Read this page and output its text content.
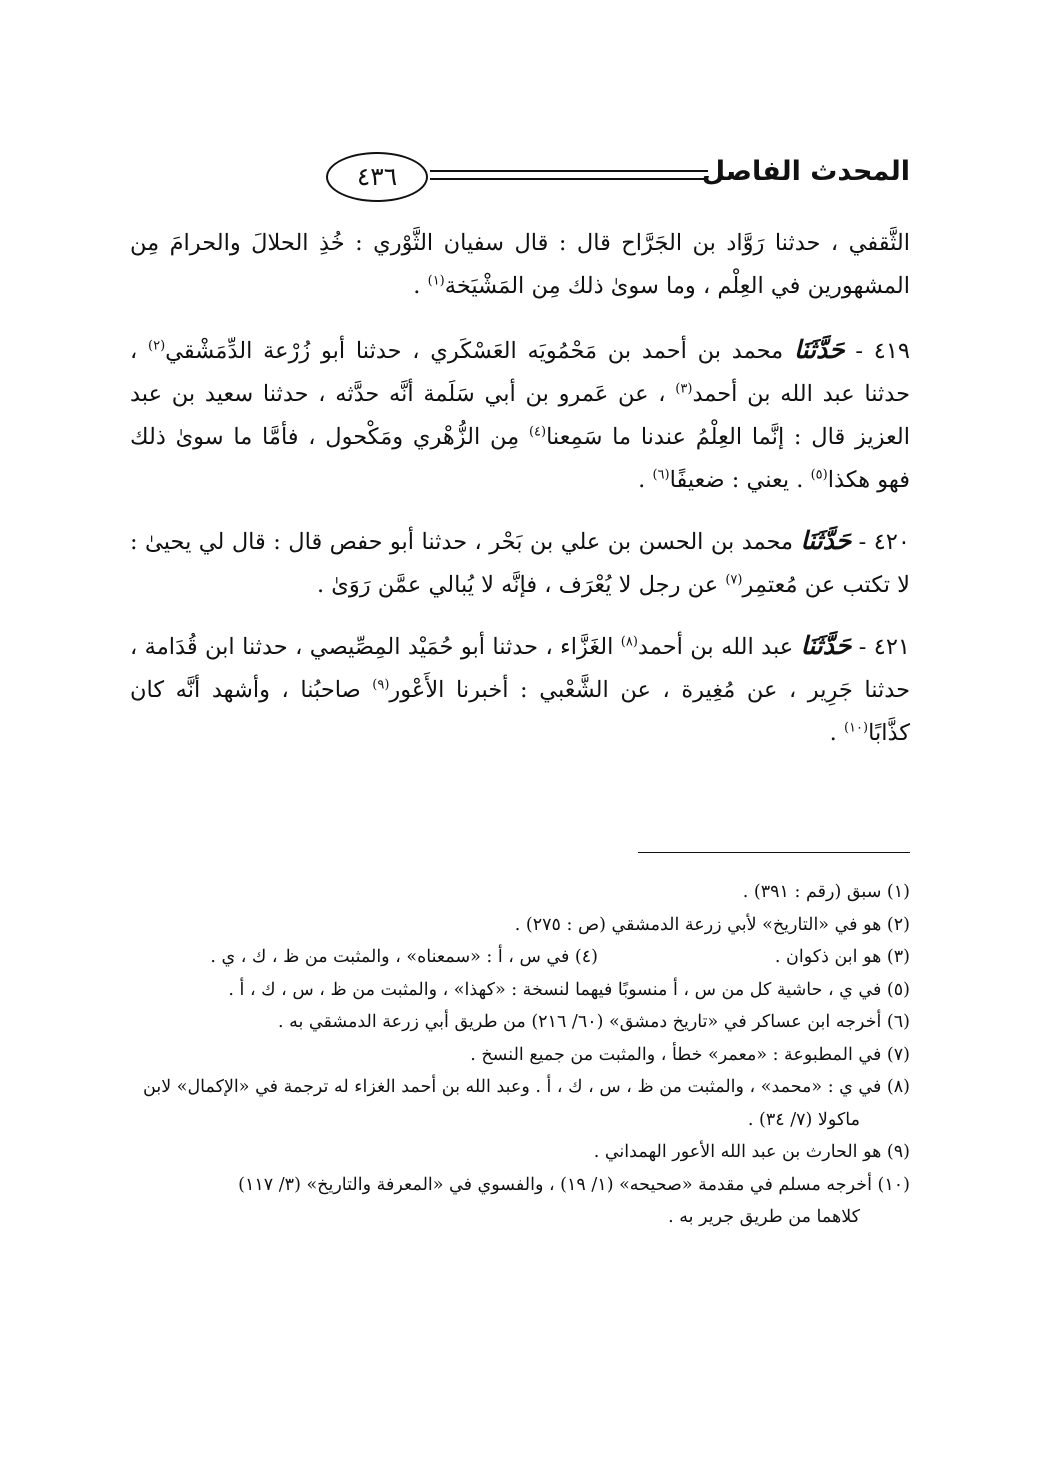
المحدث الفاصل
٤٣٦

الثَّقفي ، حدثنا رَوَّاد بن الجَرَّاح قال : قال سفيان الثَّوْري : خُذِ الحلالَ والحرامَ مِن المشهورين في العِلْم ، وما سوىٰ ذلك مِن المَشْيَخة$^{(١)}$ .

٤١٩ - حَدَّثَنَا محمد بن أحمد بن مَحْمُويَه العَسْكَري ، حدثنا أبو زُرْعة الدِّمَشْقي$^{(٢)}$ ، حدثنا عبد الله بن أحمد$^{(٣)}$ ، عن عَمرو بن أبي سَلَمة أنَّه حدَّثه ، حدثنا سعيد بن عبد العزيز قال : إنَّما العِلْمُ عندنا ما سَمِعنا$^{(٤)}$ مِن الزُّهْري ومَكْحول ، فأمَّا ما سوىٰ ذلك فهو هكذا$^{(٥)}$ . يعني : ضعيفًا$^{(٦)}$ .

٤٢٠ - حَدَّثَنَا محمد بن الحسن بن علي بن بَحْر ، حدثنا أبو حفص قال : قال لي يحيىٰ : لا تكتب عن مُعتمِر$^{(٧)}$ عن رجل لا يُعْرَف ، فإنَّه لا يُبالي عمَّن رَوَىٰ .

٤٢١ - حَدَّثَنَا عبد الله بن أحمد$^{(٨)}$ الغَزَّاء ، حدثنا أبو حُمَيْد المِصِّيصي ، حدثنا ابن قُدَامة ، حدثنا جَرِير ، عن مُغِيرة ، عن الشَّعْبي : أخبرنا الأَعْور$^{(٩)}$ صاحبُنا ، وأشهد أنَّه كان كذَّابًا$^{(١٠)}$ .

(١) سبق (رقم : ٣٩١) .
(٢) هو في «التاريخ» لأبي زرعة الدمشقي (ص : ٢٧٥) .
(٣) هو ابن ذكوان .
(٤) في س ، أ : «سمعناه» ، والمثبت من ظ ، ك ، ي .
(٥) في ي ، حاشية كل من س ، أ منسوبًا فيهما لنسخة : «كهذا» ، والمثبت من ظ ، س ، ك ، أ .
(٦) أخرجه ابن عساكر في «تاريخ دمشق» (٦٠/ ٢١٦) من طريق أبي زرعة الدمشقي به .
(٧) في المطبوعة : «معمر» خطأ ، والمثبت من جميع النسخ .
(٨) في ي : «محمد» ، والمثبت من ظ ، س ، ك ، أ . وعبد الله بن أحمد الغزاء له ترجمة في «الإكمال» لابن
ماكولا (٧/ ٣٤) .
(٩) هو الحارث بن عبد الله الأعور الهمداني .
(١٠) أخرجه مسلم في مقدمة «صحيحه» (١/ ١٩) ، والفسوي في «المعرفة والتاريخ» (٣/ ١١٧)
كلاهما من طريق جرير به .
